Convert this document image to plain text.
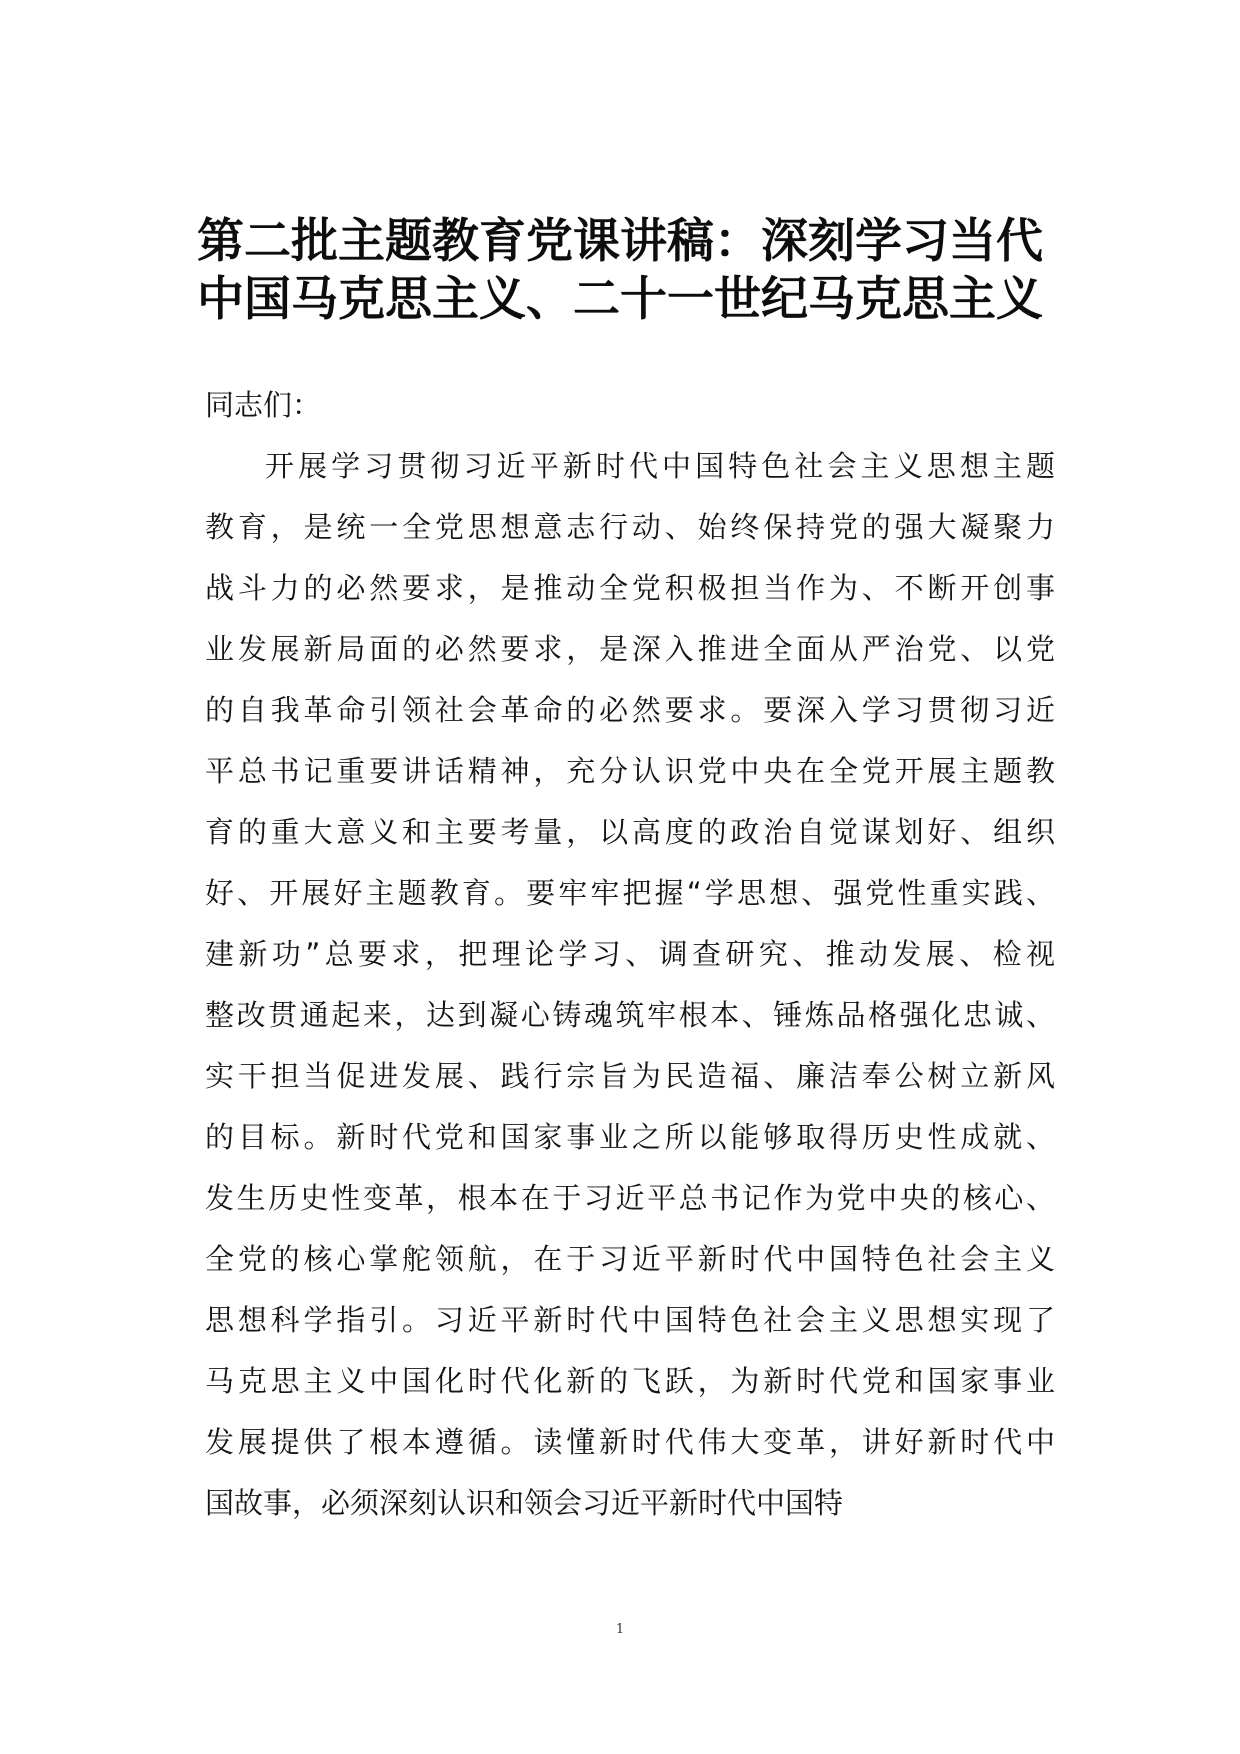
第二批主题教育党课讲稿：深刻学习当代
中国马克思主义、二十一世纪马克思主义
同志们：
开展学习贯彻习近平新时代中国特色社会主义思想主题
教育，是统一全党思想意志行动、始终保持党的强大凝聚力
战斗力的必然要求，是推动全党积极担当作为、不断开创事
业发展新局面的必然要求，是深入推进全面从严治党、以党
的自我革命引领社会革命的必然要求。要深入学习贯彻习近
平总书记重要讲话精神，充分认识党中央在全党开展主题教
育的重大意义和主要考量，以高度的政治自觉谋划好、组织
好、开展好主题教育。要牢牢把握“学思想、强党性重实践、
建新功”总要求，把理论学习、调查研究、推动发展、检视
整改贯通起来，达到凝心铸魂筑牢根本、锤炼品格强化忠诚、
实干担当促进发展、践行宗旨为民造福、廉洁奉公树立新风
的目标。新时代党和国家事业之所以能够取得历史性成就、
发生历史性变革，根本在于习近平总书记作为党中央的核心、
全党的核心掌舵领航，在于习近平新时代中国特色社会主义
思想科学指引。习近平新时代中国特色社会主义思想实现了
马克思主义中国化时代化新的飞跃，为新时代党和国家事业
发展提供了根本遵循。读懂新时代伟大变革，讲好新时代中
国故事，必须深刻认识和领会习近平新时代中国特
1
